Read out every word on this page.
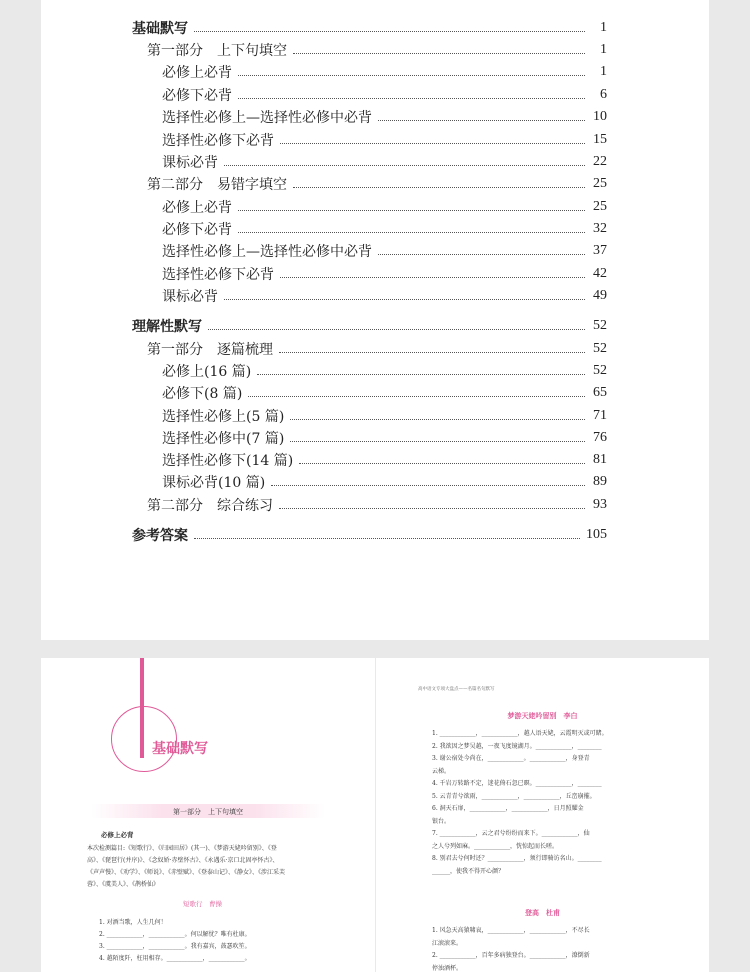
基础默写	1
第一部分　上下句填空	1
必修上必背	1
必修下必背	6
选择性必修上—选择性必修中必背	10
选择性必修下必背	15
课标必背	22
第二部分　易错字填空	25
必修上必背	25
必修下必背	32
选择性必修上—选择性必修中必背	37
选择性必修下必背	42
课标必背	49
理解性默写	52
第一部分　逐篇梳理	52
必修上(16 篇)	52
必修下(8 篇)	65
选择性必修上(5 篇)	71
选择性必修中(7 篇)	76
选择性必修下(14 篇)	81
课标必背(10 篇)	89
第二部分　综合练习	93
参考答案	105
基础默写
第一部分　上下句填空
必修上必背
本次检测篇目:《短歌行》、《归园田居》(其一)、《梦游天姥吟留别》、《登
高》、《琵琶行(并序)》、《念奴娇·赤壁怀古》、《永遇乐·京口北固亭怀古》、
《声声慢》、《劝学》、《师说》、《赤壁赋》、《登泰山记》、《静女》、《涉江采芙
蓉》、《虞美人》、《鹊桥仙》
短歌行　曹操
1. 对酒当歌，人生几何！
2. ____________，____________。何以解忧？唯有杜康。
3. ____________，____________。我有嘉宾，鼓瑟吹笙。
4. 越陌度阡，枉用相存。____________，____________。
高中语文专项大盘点——名篇名句默写
梦游天姥吟留别　李白
1. ____________，____________，越人语天姥，云霞明灭或可睹。
2. 我欲因之梦吴越，一夜飞度镜湖月。____________，________
3. 谢公宿处今尚在，____________。____________，身登青
云梯。
4. 千岩万转路不定，迷花倚石忽已暝。____________，________
5. 云青青兮欲雨，____________，____________，丘峦崩摧。
6. 洞天石扉，____________，____________，日月照耀金
银台。
7. ____________，云之君兮纷纷而来下。____________，仙
之人兮列如麻。____________，恍惊起而长嗟。
8. 别君去兮何时还？____________，须行即骑访名山。________
______，使我不得开心颜？
登高　杜甫
1. 风急天高猿啸哀，____________，____________，不尽长
江滚滚来。
2. ____________，百年多病独登台。____________，潦倒新
停浊酒杯。
